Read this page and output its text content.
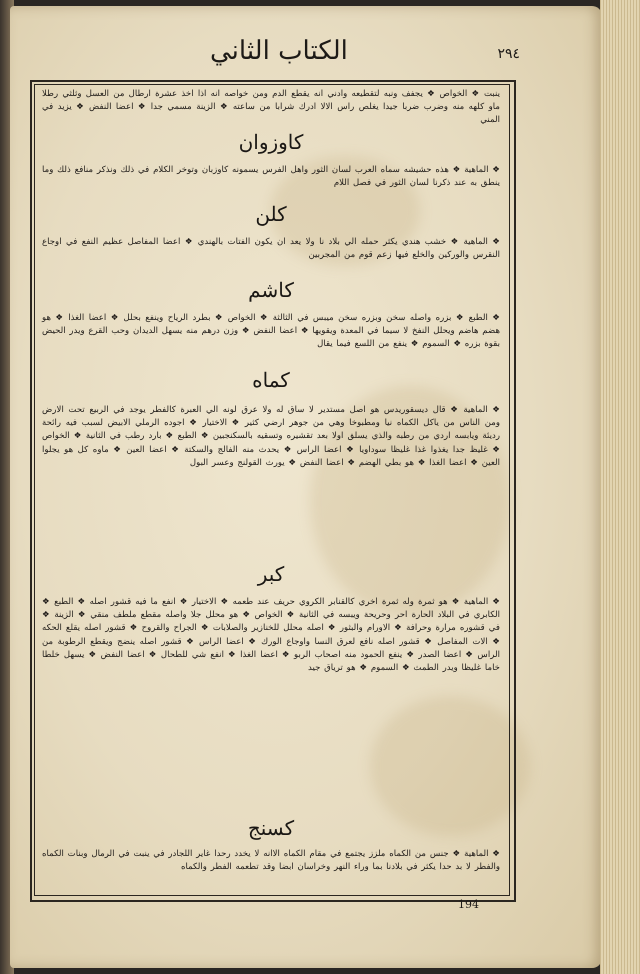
الكتاب الثاني	٢٩٤
ينبت ❖ الخواص ❖ يجفف ونبه لتقطيعه وادني انه يقطع الدم ومن خواصه انه اذا اخذ عشرة ارطال من العسل وثلثي رطلا ماو كلهه منه وضرب ضربا جيدا يغلص راس الالا ادرك شرابا من ساعته ❖ الزينة مسمي جدا ❖ اعضا النفض ❖ يزيد في المني
كاوزوان
❖ الماهية ❖ هذه حشيشه سماه العرب لسان الثور واهل الفرس يسمونه كاوزبان وتوخر الكلام في ذلك ونذكر منافع ذلك وما ينطق به عند ذكرنا لسان الثور في فصل اللام
كلن
❖ الماهية ❖ خشب هندي يكثر حمله الي بلاد نا ولا يعد ان يكون الفتات بالهندي ❖ اعضا المفاصل عظيم النفع في اوجاع النقرس والوركين والخلع فيها زعم قوم من المجربين
كاشم
❖ الطبع ❖ بزره واصله سخن وبزره سخن ميبس في الثالثة ❖ الخواص ❖ بطرد الرياح وينفع بحلل ❖ اعضا الغذا ❖ هو هضم هاضم ويحلل النفخ لا سيما في المعدة ويقويها ❖ اعضا النفض ❖ وزن درهم منه يسهل الديدان وحب القرع ويدر الحيض بقوة بزره ❖ السموم ❖ ينفع من اللسع فيما يقال
كماه
❖ الماهية ❖ قال ديسقوريدس هو اصل مستدير لا ساق له ولا عرق لونه الي العبرة كالفطر يوجد في الربيع تحت الارض ومن الناس من ياكل الكماه نيا ومطبوخا وهي من جوهر ارضي كثير ❖ الاختيار ❖ اجوده الرملي الابيض لسبب فيه رائحة رديئة ويابسه اردي من رطبه والذي يسلق اولا بعد تقشيره وتسقيه بالسكنجبين ❖ الطبع ❖ بارد رطب في الثانية ❖ الخواص ❖ غليظ جدا يغذوا غذا غليظا سوداويا ❖ اعضا الراس ❖ يحدث منه الفالج والسكتة ❖ اعضا العين ❖ ماوه كل هو يجلوا العين ❖ اعضا الغذا ❖ هو بطي الهضم ❖ اعضا النفض ❖ يورث القولنج وعسر البول
كبر
❖ الماهية ❖ هو ثمرة وله ثمرة اخري كالقنابر الكروي حريف عند طعمه ❖ الاختيار ❖ انفع ما فيه قشور اصله ❖ الطبع ❖ الكابري في البلاد الحارة احر وحريحة ويبسه في الثانية ❖ الخواص ❖ هو محلل جلا واصله مقطع ملطف منقي ❖ الزينة ❖ في قشوره مرارة وحرافة ❖ الاورام والبثور ❖ اصله محلل للخنازير والصلابات ❖ الجراح والقروح ❖ قشور اصله يقلع الحكه ❖ الات المفاصل ❖ قشور اصله نافع لعرق النسا واوجاع الورك ❖ اعضا الراس ❖ قشور اصله ينضج ويقطع الرطوبة من الراس ❖ اعضا الصدر ❖ ينفع الحمود منه اصحاب الربو ❖ اعضا الغذا ❖ انفع شي للطحال ❖ اعضا النفض ❖ يسهل خلطا خاما غليظا ويدر الطمث ❖ السموم ❖ هو ترياق جيد
كسنج
❖ الماهية ❖ جنس من الكماه ملزز يجتمع في مقام الكماه الاانه لا يخدد رحدا غاير اللجادر في ينبت في الرمال وبنات الكماه والفطر لا بد حدا يكثر في بلادنا بما وراء النهر وخراسان ابضا وقد تطعمه الفطر والكماه
194
